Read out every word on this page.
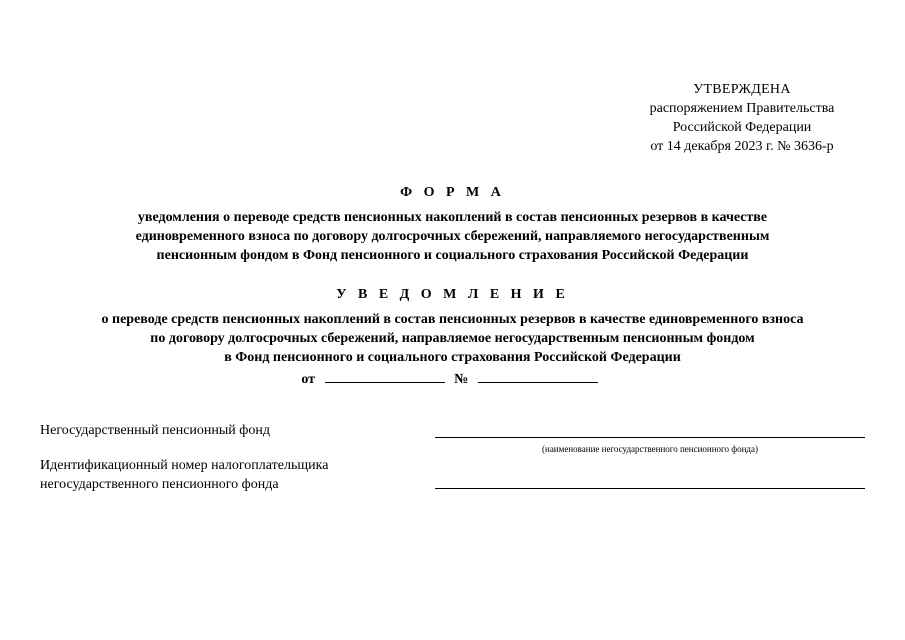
УТВЕРЖДЕНА
распоряжением Правительства
Российской Федерации
от 14 декабря 2023 г. № 3636-р
Ф О Р М А
уведомления о переводе средств пенсионных накоплений в состав пенсионных резервов в качестве
единовременного взноса по договору долгосрочных сбережений, направляемого негосударственным
пенсионным фондом в Фонд пенсионного и социального страхования Российской Федерации
У В Е Д О М Л Е Н И Е
о переводе средств пенсионных накоплений в состав пенсионных резервов в качестве единовременного взноса
по договору долгосрочных сбережений, направляемое негосударственным пенсионным фондом
в Фонд пенсионного и социального страхования Российской Федерации
от	№
Негосударственный пенсионный фонд
(наименование негосударственного пенсионного фонда)
Идентификационный номер налогоплательщика
негосударственного пенсионного фонда
